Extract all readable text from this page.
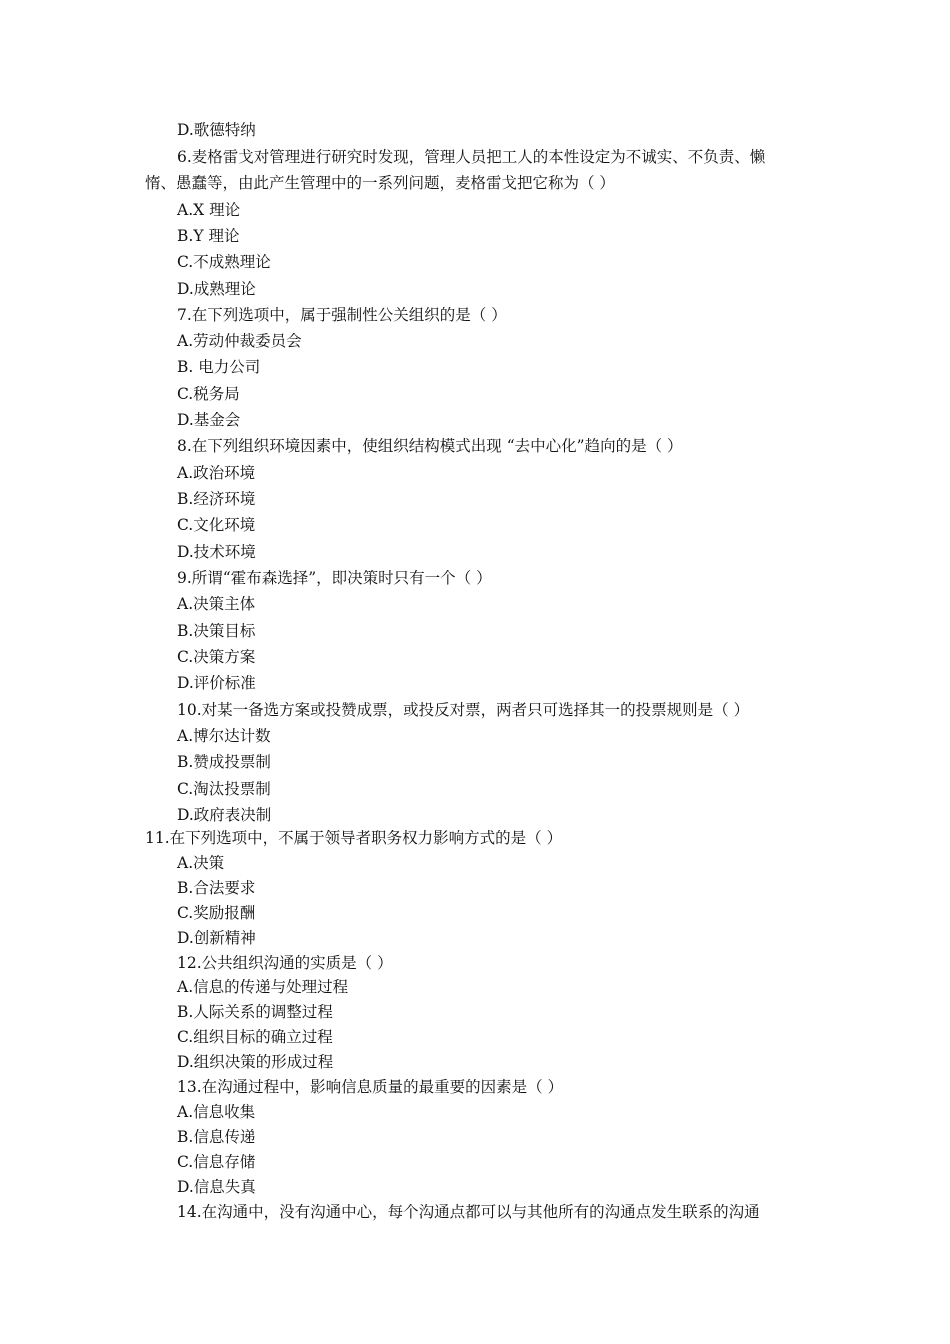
D.歌德特纳
6.麦格雷戈对管理进行研究时发现，管理人员把工人的本性设定为不诚实、不负责、懒
惰、愚蠢等，由此产生管理中的一系列问题，麦格雷戈把它称为（ ）
A.X 理论
B.Y 理论
C.不成熟理论
D.成熟理论
7.在下列选项中，属于强制性公关组织的是（ ）
A.劳动仲裁委员会
B. 电力公司
C.税务局
D.基金会
8.在下列组织环境因素中，使组织结构模式出现 “去中心化”趋向的是（ ）
A.政治环境
B.经济环境
C.文化环境
D.技术环境
9.所谓“霍布森选择”，即决策时只有一个（ ）
A.决策主体
B.决策目标
C.决策方案
D.评价标准
10.对某一备选方案或投赞成票，或投反对票，两者只可选择其一的投票规则是（ ）
A.博尔达计数
B.赞成投票制
C.淘汰投票制
D.政府表决制
11.在下列选项中，不属于领导者职务权力影响方式的是（ ）
A.决策
B.合法要求
C.奖励报酬
D.创新精神
12.公共组织沟通的实质是（ ）
A.信息的传递与处理过程
B.人际关系的调整过程
C.组织目标的确立过程
D.组织决策的形成过程
13.在沟通过程中，影响信息质量的最重要的因素是（ ）
A.信息收集
B.信息传递
C.信息存储
D.信息失真
14.在沟通中，没有沟通中心，每个沟通点都可以与其他所有的沟通点发生联系的沟通
